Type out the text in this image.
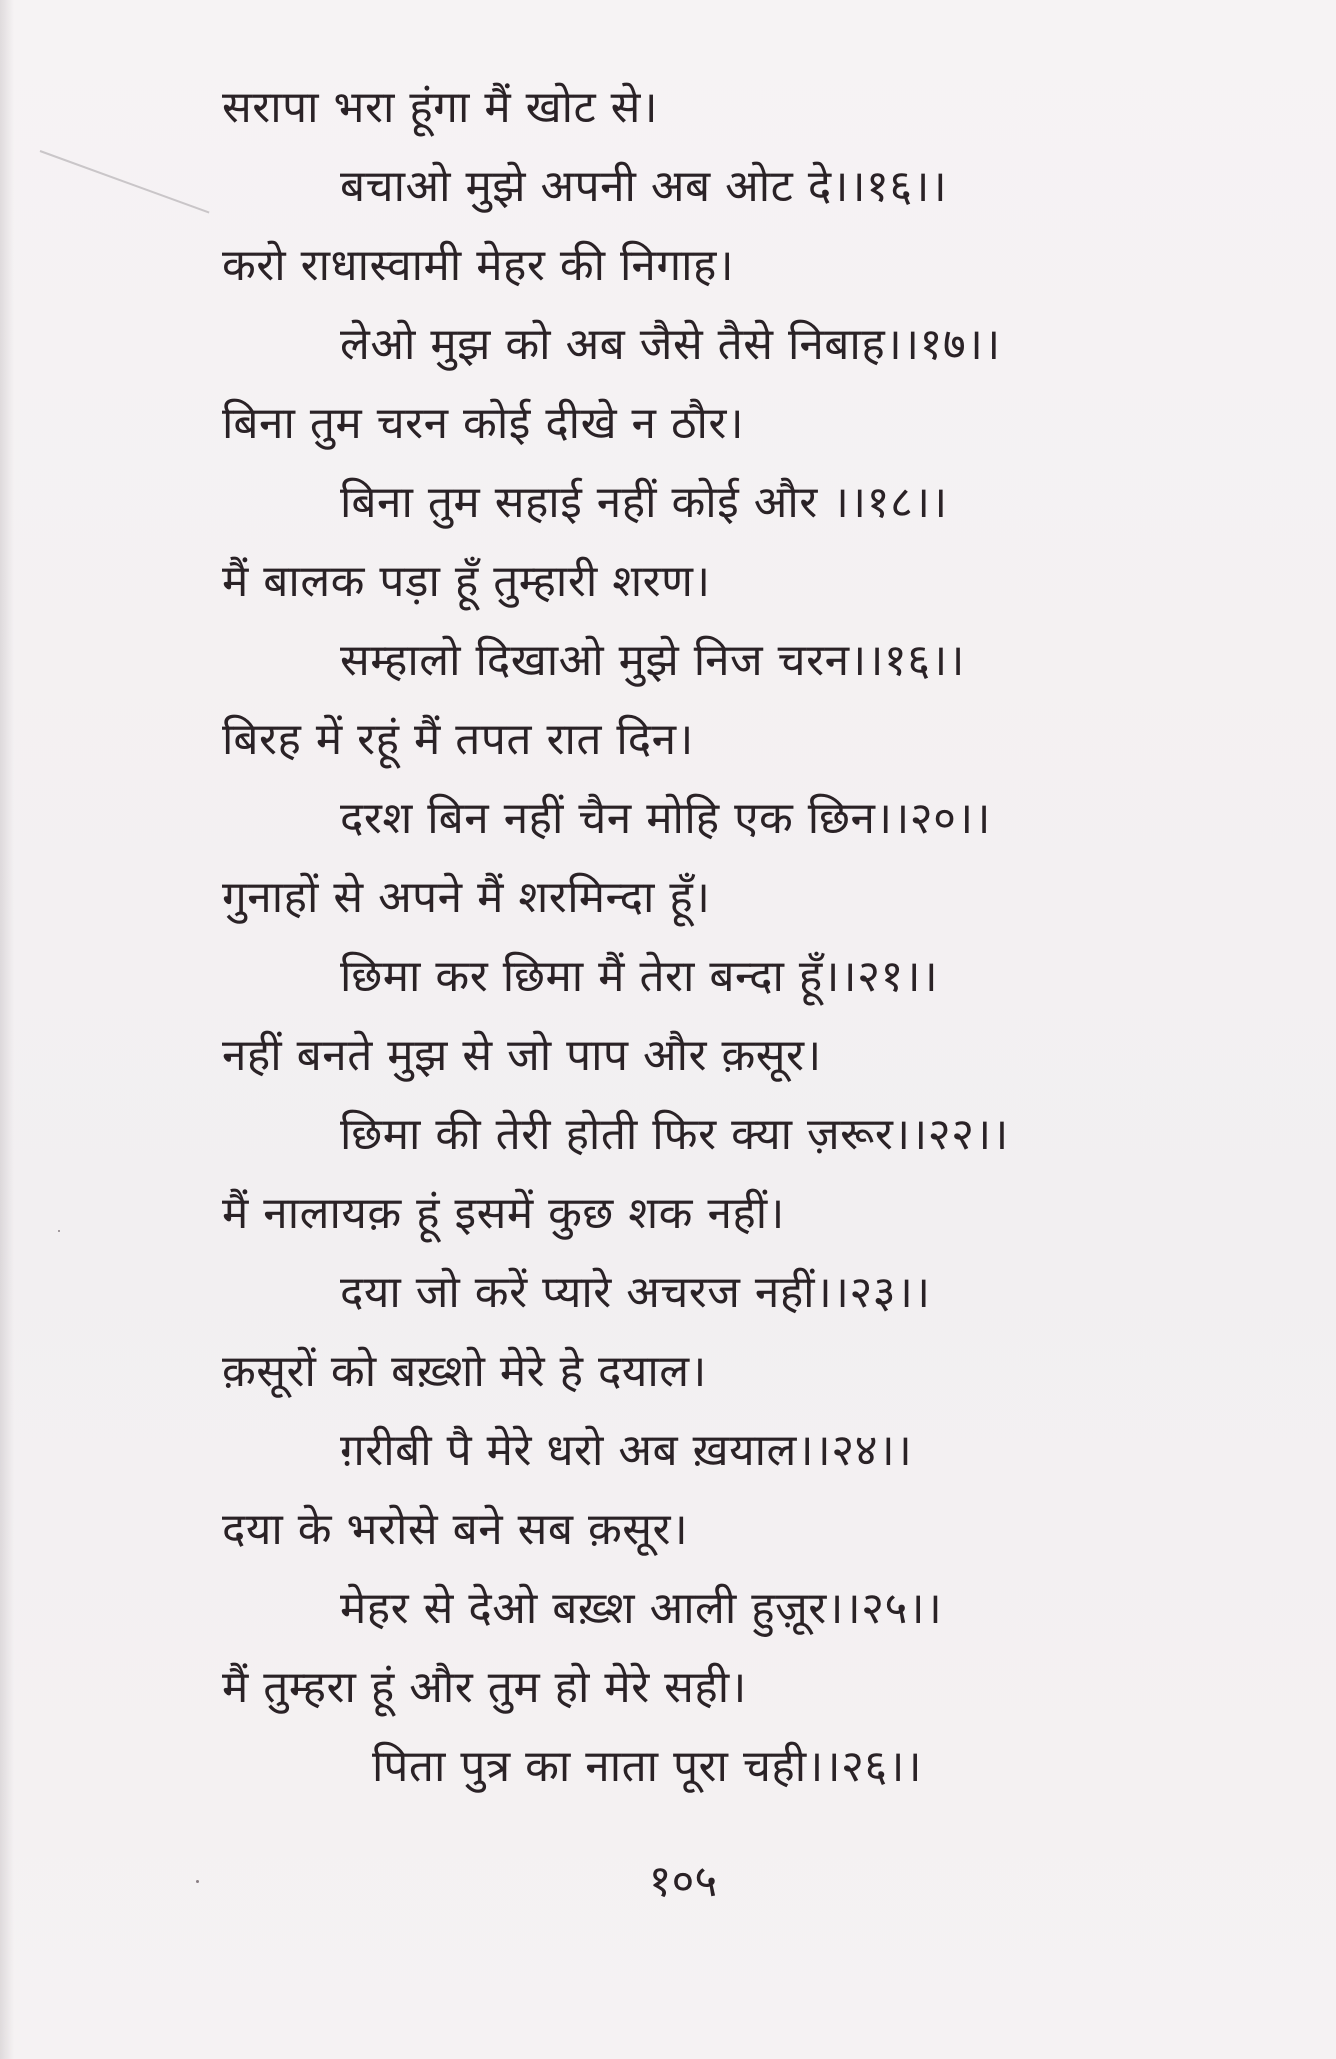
सरापा भरा हूंगा मैं खोट से।
बचाओ मुझे अपनी अब ओट दे।।१६।।
करो राधास्वामी मेहर की निगाह।
लेओ मुझ को अब जैसे तैसे निबाह।।१७।।
बिना तुम चरन कोई दीखे न ठौर।
बिना तुम सहाई नहीं कोई और ।।१८।।
मैं बालक पड़ा हूँ तुम्हारी शरण।
सम्हालो दिखाओ मुझे निज चरन।।१६।।
बिरह में रहूं मैं तपत रात दिन।
दरश बिन नहीं चैन मोहि एक छिन।।२०।।
गुनाहों से अपने मैं शरमिन्दा हूँ।
छिमा कर छिमा मैं तेरा बन्दा हूँ।।२१।।
नहीं बनते मुझ से जो पाप और क़सूर।
छिमा की तेरी होती फिर क्या ज़रूर।।२२।।
मैं नालायक़ हूं इसमें कुछ शक नहीं।
दया जो करें प्यारे अचरज नहीं।।२३।।
क़सूरों को बख़्शो मेरे हे दयाल।
ग़रीबी पै मेरे धरो अब ख़याल।।२४।।
दया के भरोसे बने सब क़सूर।
मेहर से देओ बख़्श आली हुज़ूर।।२५।।
मैं तुम्हरा हूं और तुम हो मेरे सही।
पिता पुत्र का नाता पूरा चही।।२६।।
१०५
